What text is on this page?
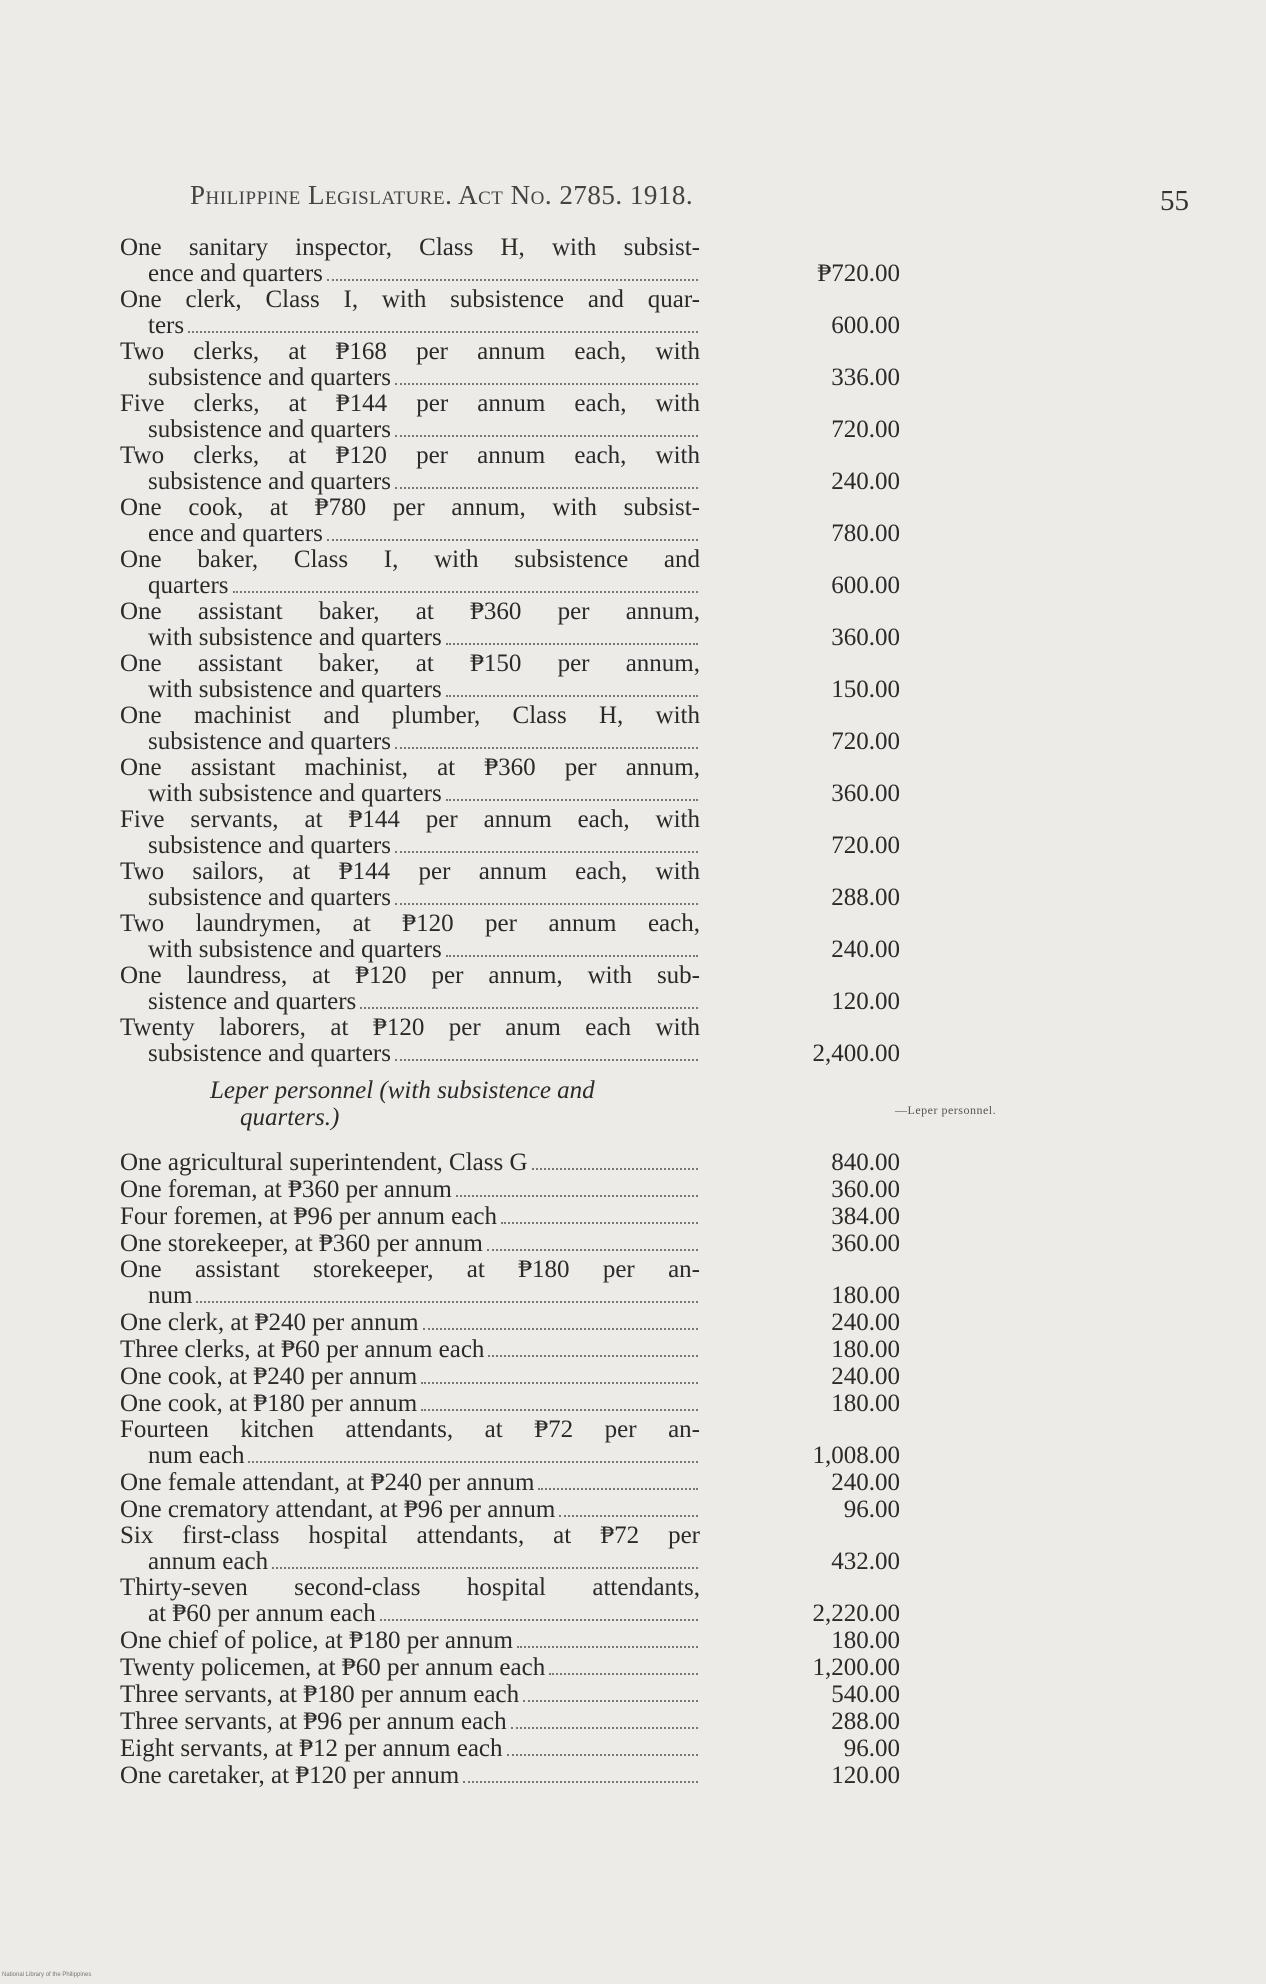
Philippine Legislature. Act No. 2785. 1918.	55
One sanitary inspector, Class H, with subsist-
ence and quarters	₱720.00
One clerk, Class I, with subsistence and quar-
ters	600.00
Two clerks, at ₱168 per annum each, with
subsistence and quarters	336.00
Five clerks, at ₱144 per annum each, with
subsistence and quarters	720.00
Two clerks, at ₱120 per annum each, with
subsistence and quarters	240.00
One cook, at ₱780 per annum, with subsist-
ence and quarters	780.00
One baker, Class I, with subsistence and
quarters	600.00
One assistant baker, at ₱360 per annum,
with subsistence and quarters	360.00
One assistant baker, at ₱150 per annum,
with subsistence and quarters	150.00
One machinist and plumber, Class H, with
subsistence and quarters	720.00
One assistant machinist, at ₱360 per annum,
with subsistence and quarters	360.00
Five servants, at ₱144 per annum each, with
subsistence and quarters	720.00
Two sailors, at ₱144 per annum each, with
subsistence and quarters	288.00
Two laundrymen, at ₱120 per annum each,
with subsistence and quarters	240.00
One laundress, at ₱120 per annum, with sub-
sistence and quarters	120.00
Twenty laborers, at ₱120 per anum each with
subsistence and quarters	2,400.00
Leper personnel (with subsistence and
quarters.)
One agricultural superintendent, Class G	840.00
One foreman, at ₱360 per annum	360.00
Four foremen, at ₱96 per annum each	384.00
One storekeeper, at ₱360 per annum	360.00
One assistant storekeeper, at ₱180 per an-
num	180.00
One clerk, at ₱240 per annum	240.00
Three clerks, at ₱60 per annum each	180.00
One cook, at ₱240 per annum	240.00
One cook, at ₱180 per annum	180.00
Fourteen kitchen attendants, at ₱72 per an-
num each	1,008.00
One female attendant, at ₱240 per annum	240.00
One crematory attendant, at ₱96 per annum	96.00
Six first-class hospital attendants, at ₱72 per
annum each	432.00
Thirty-seven second-class hospital attendants,
at ₱60 per annum each	2,220.00
One chief of police, at ₱180 per annum	180.00
Twenty policemen, at ₱60 per annum each	1,200.00
Three servants, at ₱180 per annum each	540.00
Three servants, at ₱96 per annum each	288.00
Eight servants, at ₱12 per annum each	96.00
One caretaker, at ₱120 per annum	120.00
—Leper personnel.
National Library of the Philippines
